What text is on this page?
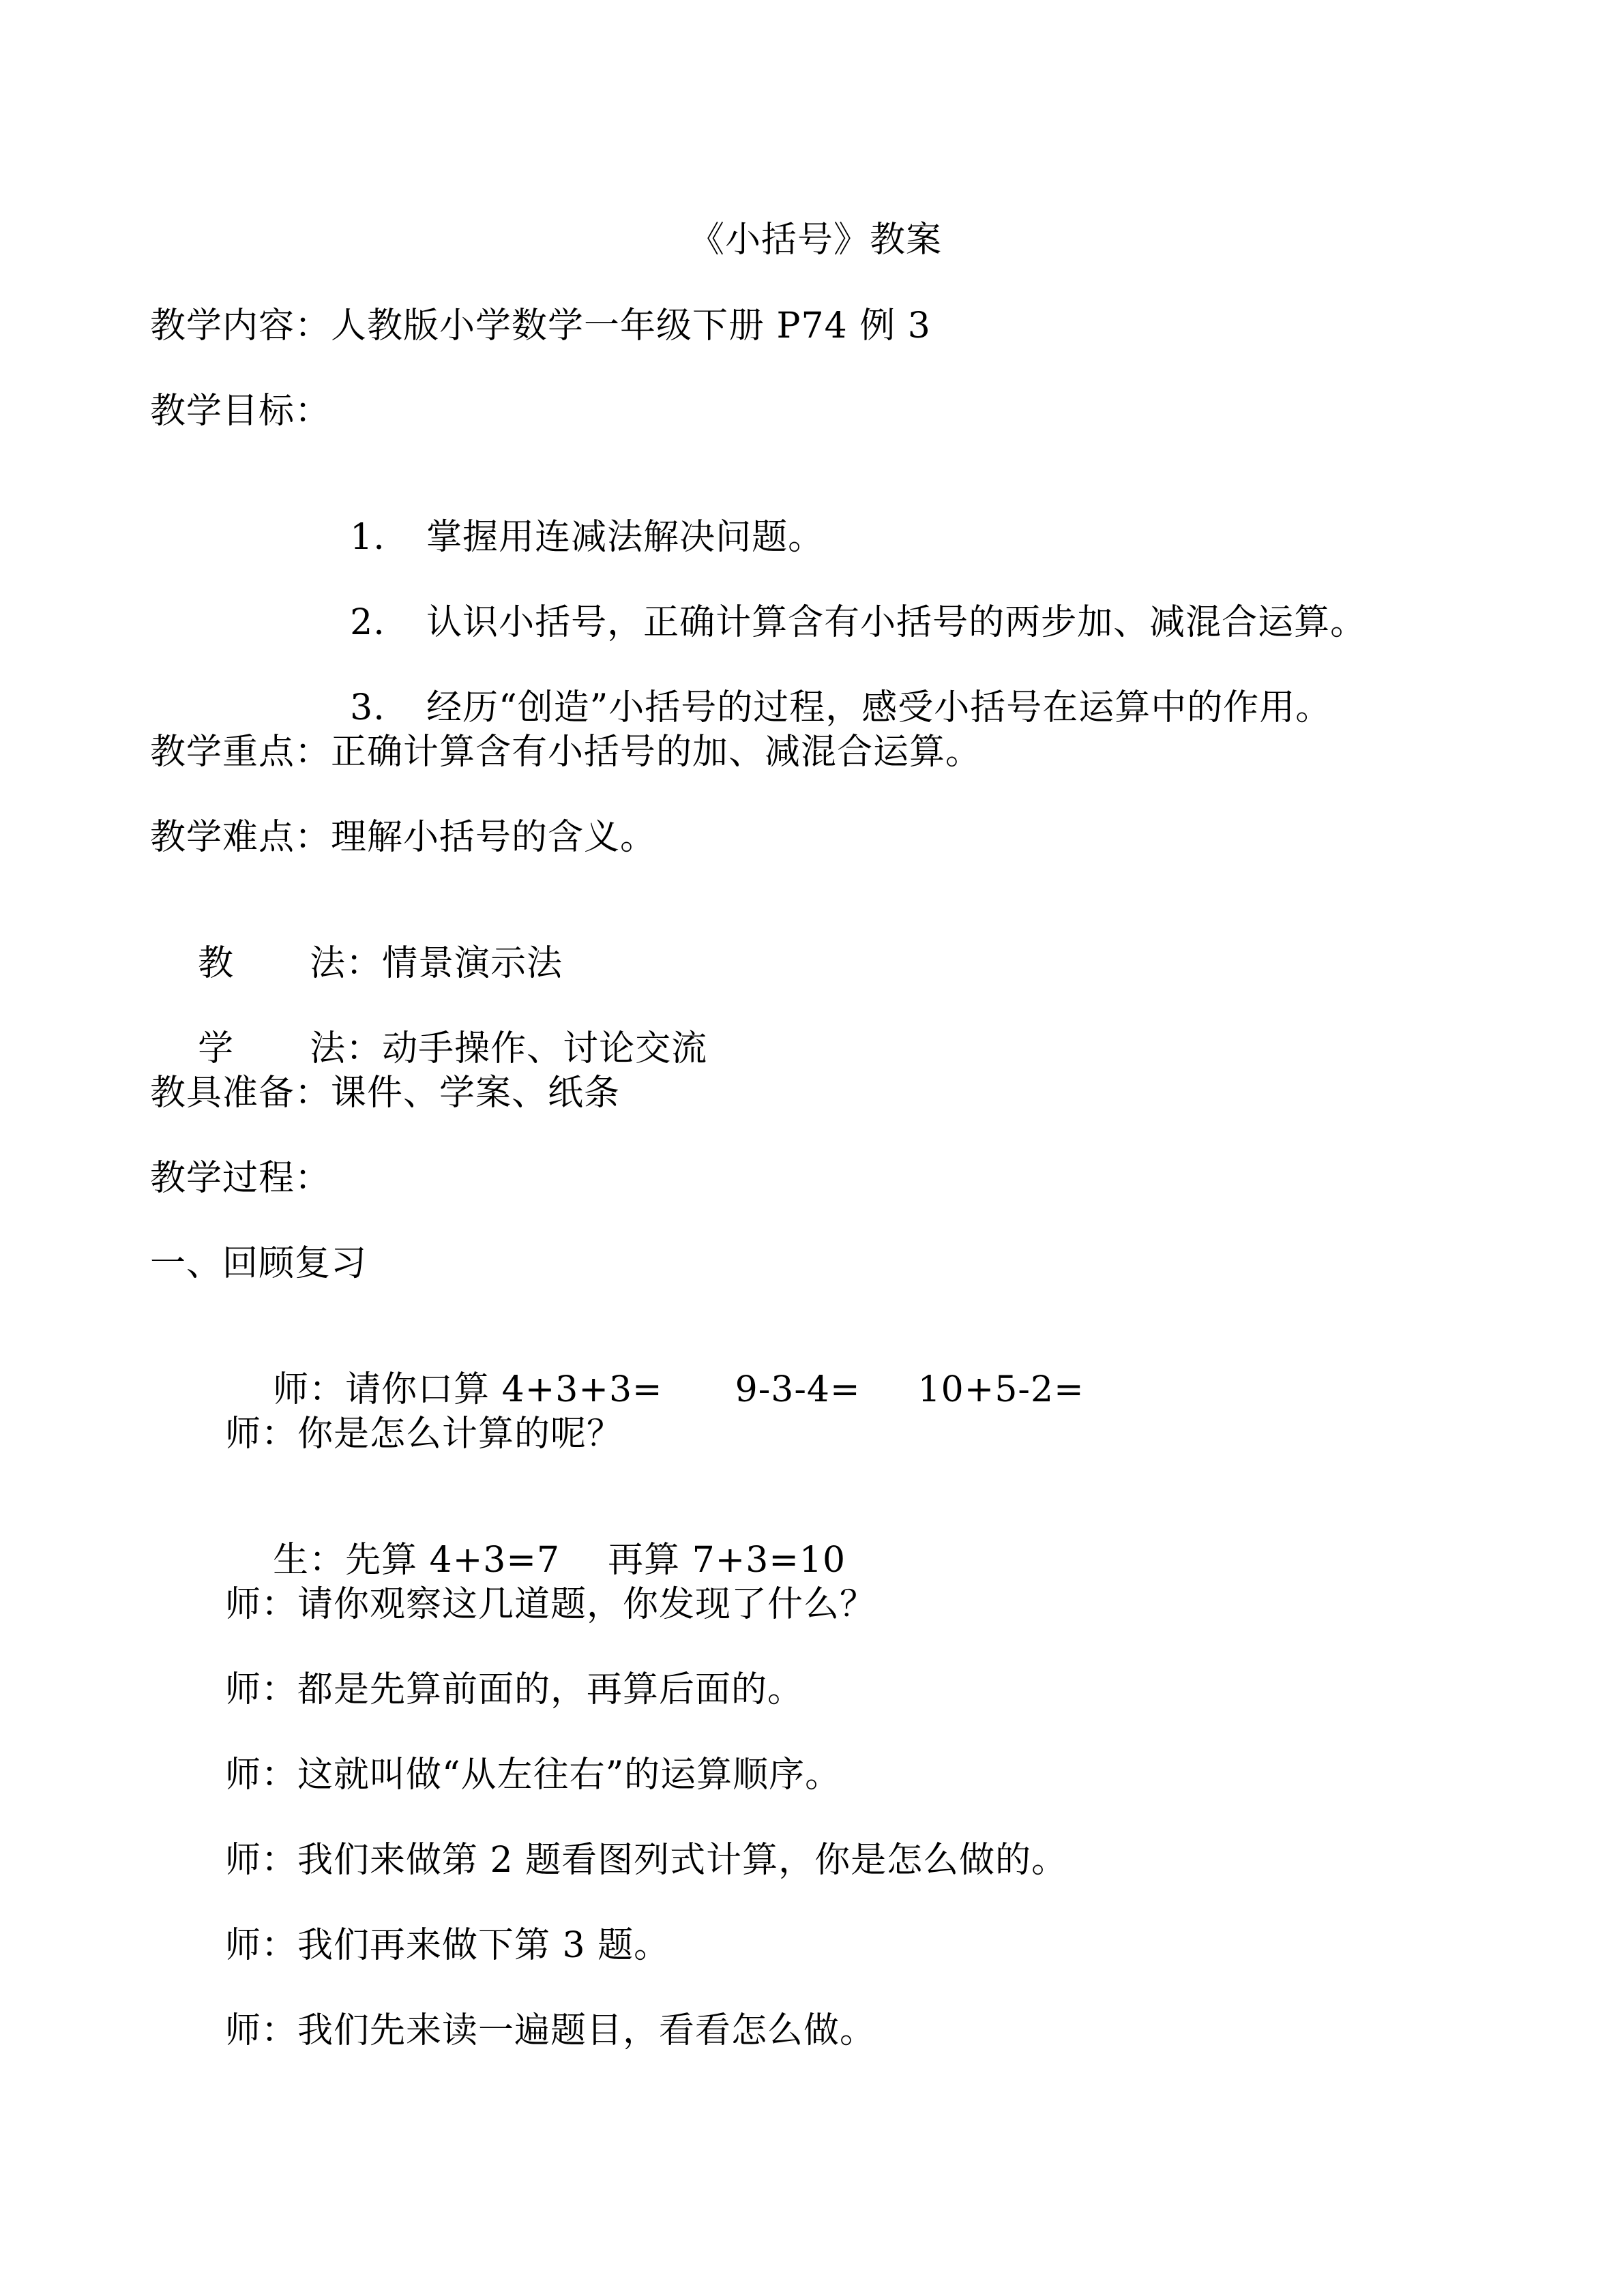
《小括号》教案
教学内容：人教版小学数学一年级下册 P74 例 3
教学目标：

1. 掌握用连减法解决问题。

2. 认识小括号，正确计算含有小括号的两步加、减混合运算。

3. 经历“创造”小括号的过程，感受小括号在运算中的作用。

教学重点：正确计算含有小括号的加、减混合运算。
教学难点：理解小括号的含义。

教 法：情景演示法

学 法：动手操作、讨论交流

教具准备：课件、学案、纸条
教学过程：
一、回顾复习

师：请你口算 4+3+3= 9-3-4= 10+5-2=

师：你是怎么计算的呢？

生：先算 4+3=7 再算 7+3=10

师：请你观察这几道题，你发现了什么？
师：都是先算前面的，再算后面的。
师：这就叫做“从左往右”的运算顺序。
师：我们来做第 2 题看图列式计算，你是怎么做的。
师：我们再来做下第 3 题。
师：我们先来读一遍题目，看看怎么做。
